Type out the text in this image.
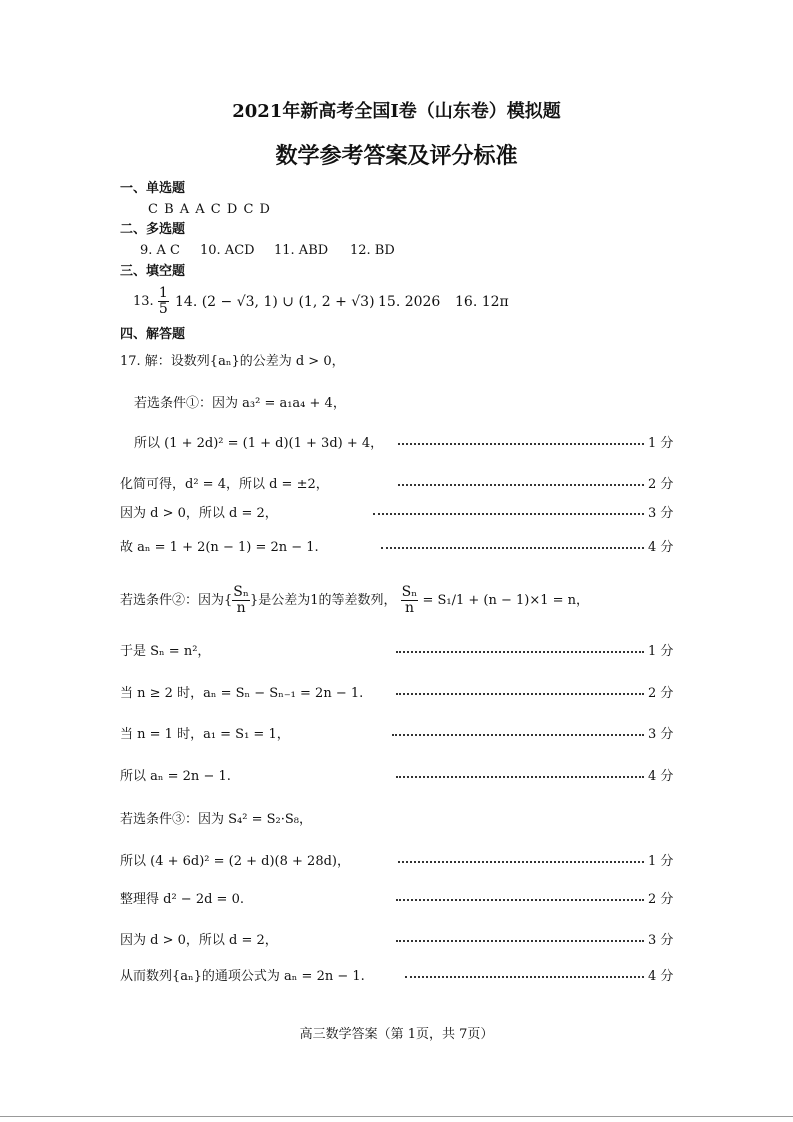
2021年新高考全国Ⅰ卷（山东卷）模拟题
数学参考答案及评分标准
一、单选题
C B A A C D C D
二、多选题
9. A C 10. ACD 11. ABD 12. BD
三、填空题
13. $\frac{1}{5} 14$. (2 − √3, 1) ∪ (1, 2 + √3) 15. 2026 16. 12π
四、解答题
17. 解：设数列{aₙ}的公差为 d > 0，
若选条件①：因为 a₃² = a₁a₄ + 4，
所以 (1 + 2d)² = (1 + d)(1 + 3d) + 4，	1 分
化简可得，d² = 4，所以 d = ±2，	2 分
因为 d > 0，所以 d = 2，	3 分
故 aₙ = 1 + 2(n − 1) = 2n − 1.	4 分
若选条件②：因为{ $\frac{\text{Sₙ}}{n}$ }是公差为1的等差数列， $\frac{\text{Sₙ}}{n} = S_1/1 + (n - 1)\times 1 = n$，
于是 Sₙ = n²，	1 分
当 n ≥ 2 时，aₙ = Sₙ − Sₙ₋₁ = 2n − 1.	2 分
当 n = 1 时，a₁ = S₁ = 1，	3 分
所以 aₙ = 2n − 1.	4 分
若选条件③：因为 S₄² = S₂·S₈，
所以 (4 + 6d)² = (2 + d)(8 + 28d)，	1 分
整理得 d² − 2d = 0.	2 分
因为 d > 0，所以 d = 2，	3 分
从而数列{aₙ}的通项公式为 aₙ = 2n − 1.	4 分
高三数学答案（第 1页，共 7页）
